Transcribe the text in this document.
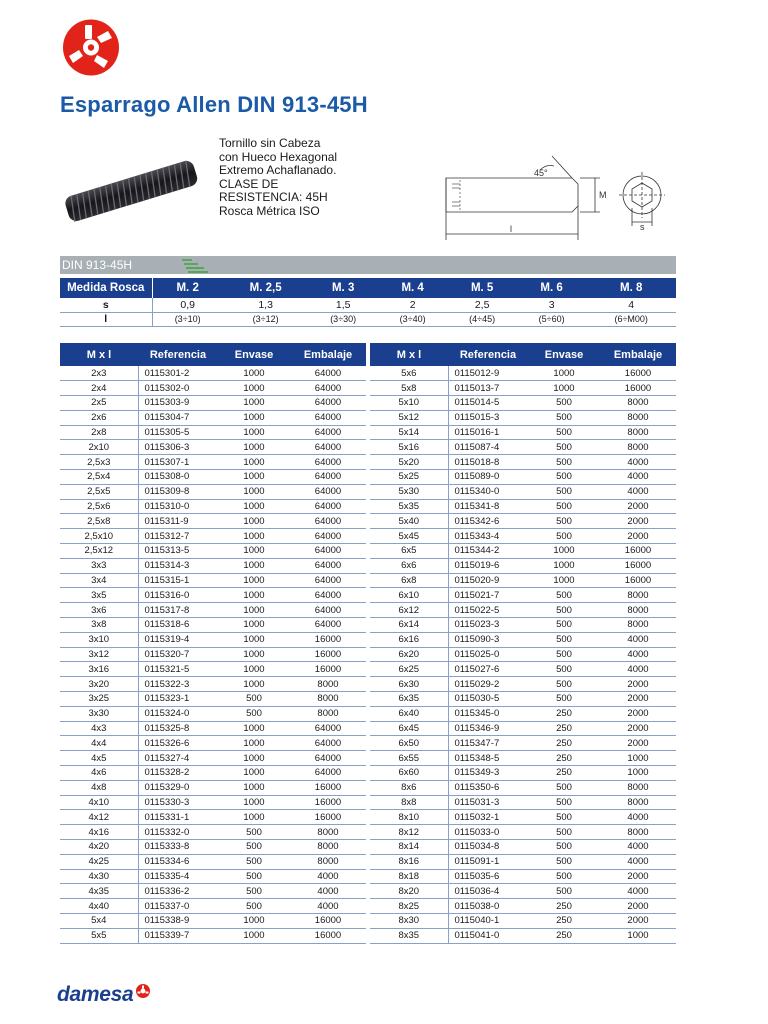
Esparrago Allen DIN 913-45H
Tornillo sin Cabeza
con Hueco Hexagonal
Extremo Achaflanado.
CLASE DE
RESISTENCIA: 45H
Rosca Métrica ISO
45°
M
l	s
DIN 913-45H
Medida Rosca	M. 2	M. 2,5	M. 3	M. 4	M. 5	M. 6	M. 8
s	0,9	1,3	1,5	2	2,5	3	4
l	(3÷10)	(3÷12)	(3÷30)	(3÷40)	(4÷45)	(5÷60)	(6÷M00)
M x l	Referencia	Envase	Embalaje
2x3	0115301-2	1000	64000
2x4	0115302-0	1000	64000
2x5	0115303-9	1000	64000
2x6	0115304-7	1000	64000
2x8	0115305-5	1000	64000
2x10	0115306-3	1000	64000
2,5x3	0115307-1	1000	64000
2,5x4	0115308-0	1000	64000
2,5x5	0115309-8	1000	64000
2,5x6	0115310-0	1000	64000
2,5x8	0115311-9	1000	64000
2,5x10	0115312-7	1000	64000
2,5x12	0115313-5	1000	64000
3x3	0115314-3	1000	64000
3x4	0115315-1	1000	64000
3x5	0115316-0	1000	64000
3x6	0115317-8	1000	64000
3x8	0115318-6	1000	64000
3x10	0115319-4	1000	16000
3x12	0115320-7	1000	16000
3x16	0115321-5	1000	16000
3x20	0115322-3	1000	8000
3x25	0115323-1	500	8000
3x30	0115324-0	500	8000
4x3	0115325-8	1000	64000
4x4	0115326-6	1000	64000
4x5	0115327-4	1000	64000
4x6	0115328-2	1000	64000
4x8	0115329-0	1000	16000
4x10	0115330-3	1000	16000
4x12	0115331-1	1000	16000
4x16	0115332-0	500	8000
4x20	0115333-8	500	8000
4x25	0115334-6	500	8000
4x30	0115335-4	500	4000
4x35	0115336-2	500	4000
4x40	0115337-0	500	4000
5x4	0115338-9	1000	16000
5x5	0115339-7	1000	16000
M x l	Referencia	Envase	Embalaje
5x6	0115012-9	1000	16000
5x8	0115013-7	1000	16000
5x10	0115014-5	500	8000
5x12	0115015-3	500	8000
5x14	0115016-1	500	8000
5x16	0115087-4	500	8000
5x20	0115018-8	500	4000
5x25	0115089-0	500	4000
5x30	0115340-0	500	4000
5x35	0115341-8	500	2000
5x40	0115342-6	500	2000
5x45	0115343-4	500	2000
6x5	0115344-2	1000	16000
6x6	0115019-6	1000	16000
6x8	0115020-9	1000	16000
6x10	0115021-7	500	8000
6x12	0115022-5	500	8000
6x14	0115023-3	500	8000
6x16	0115090-3	500	4000
6x20	0115025-0	500	4000
6x25	0115027-6	500	4000
6x30	0115029-2	500	2000
6x35	0115030-5	500	2000
6x40	0115345-0	250	2000
6x45	0115346-9	250	2000
6x50	0115347-7	250	2000
6x55	0115348-5	250	1000
6x60	0115349-3	250	1000
8x6	0115350-6	500	8000
8x8	0115031-3	500	8000
8x10	0115032-1	500	4000
8x12	0115033-0	500	8000
8x14	0115034-8	500	4000
8x16	0115091-1	500	4000
8x18	0115035-6	500	2000
8x20	0115036-4	500	4000
8x25	0115038-0	250	2000
8x30	0115040-1	250	2000
8x35	0115041-0	250	1000
damesa
